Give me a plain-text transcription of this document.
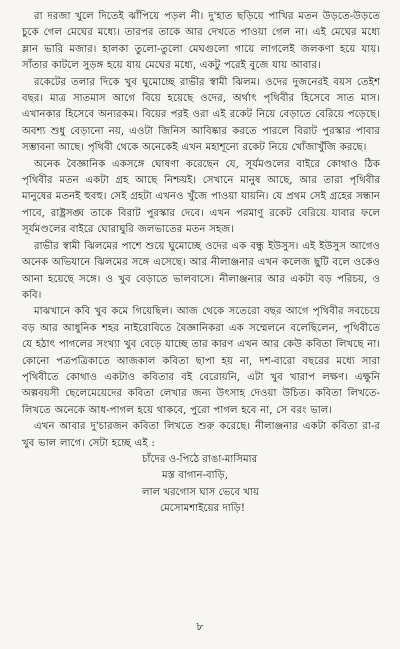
রা দরজা খুলে দিতেই ঝাঁপিয়ে পড়ল নী। দু'হাত ছড়িয়ে পাখির মতন উড়তে-উড়তে চুকে গেল মেঘের মধ্যে। তারপর তাকে আর দেখতে পাওয়া গেল না। এই মেঘের মধ্যে ম্লান ভারি মজার। হালকা তুলো-তুলো মেঘগুলো গায়ে লাগলেই জলকণা হয়ে যায়। সাঁতার কাটলে সুড়ঙ্গ হয়ে যায় মেঘের মধ্যে, একটু পরেই বুজে যায় আবার।

রকেটের তলার দিকে খুব ঘুমোচ্ছে রাভীর স্বামী ঝিলম। ওদের দুজনেরই বয়স তেইশ বছর। মাত্র সাতমাস আগে বিয়ে হয়েছে ওদের, অর্থাৎ পৃথিবীর হিসেবে সাত মাস। এখানকার হিসেবে অন্যরকম। বিয়ের পরই ওরা এই রকেট নিয়ে বেড়াতে বেরিয়ে পড়েছে। অবশ্য শুধু বেড়ানো নয়, এওটা জিনিস আবিষ্কার করতে পারলে বিরাট পুরস্কার পাবার সম্ভাবনা আছে। পৃথিবী থেকে অনেকেই এখন মহাশূন্যে রকেট নিয়ে খোঁজাখুঁজি করছে।

অনেক বৈজ্ঞানিক একসঙ্গে ঘোষণা করেছেন যে, সূর্যমণ্ডলের বাইরে কোথাও ঠিক পৃথিবীর মতন একটা গ্রহ আছে নিশ্চয়ই। সেখানে মানুষ আছে, আর তারা পৃথিবীর মানুষের মতনই হুবহু। সেই গ্রহটা এখনও খুঁজে পাওয়া যায়নি। যে প্রথম সেই গ্রহের সন্ধান পাবে, রাষ্ট্রসঙ্ঘ তাকে বিরাট পুরস্কার দেবে। এখন পরমাণু রকেট বেরিয়ে যাবার ফলে সূর্যমণ্ডলের বাইরে ঘোরাঘুরি জলভাতের মতন সহজ।

রাভীর স্বামী ঝিলমের পাশে শুয়ে ঘুমোচ্ছে ওদের এক বন্ধু ইউসুস। এই ইউসুস আগেও অনেক অভিযানে ঝিলমের সঙ্গে এসেছে। আর নীলাঞ্জনার এখন কলেজ ছুটি বলে ওকেও আনা হয়েছে সঙ্গে। ও খুব বেড়াতে ভালবাসে। নীলাঞ্জনার আর একটা বড় পরিচয়, ও কবি।

মাঝখানে কবি খুব কমে গিয়েছিল। আজ থেকে সতেরো বছর আগে পৃথিবীর সবচেয়ে বড় আর আধুনিক শহর নাইরোবিতে বৈজ্ঞানিকরা এক সম্মেলনে বলেছিলেন, পৃথিবীতে যে হঠাৎ পাগলের সংখ্যা খুব বেড়ে যাচ্ছে তার কারণ এখন আর কেউ কবিতা লিখছে না। কোনো পত্রপত্রিকাতে আজকাল কবিতা ছাপা হয় না, দশ-বারো বছরের মধ্যে সারা পৃথিবীতে কোথাও একটাও কবিতার বই বেরোয়নি, এটা খুব খারাপ লক্ষণ। এক্ষুনি অল্পবয়সী ছেলেমেয়েদের কবিতা লেখার জন্য উৎসাহ দেওয়া উচিত। কবিতা লিখতে-লিখতে অনেকে আধ-পাগল হয়ে থাকবে, পুরো পাগল হবে না, সে বরং ভাল।

এখন আবার দু'চারজন কবিতা লিখতে শুরু করেছে। নীলাঞ্জনার একটা কবিতা রা-র খুব ভাল লাগে। সেটা হচ্ছে এই :

চাঁদের ও-পিঠে রাঙা-মাসিমার
মস্ত বাগান-বাড়ি,
লাল খরগোস ঘাস ভেবে খায়
মেসোমশাইয়ের দাড়ি!
৮
